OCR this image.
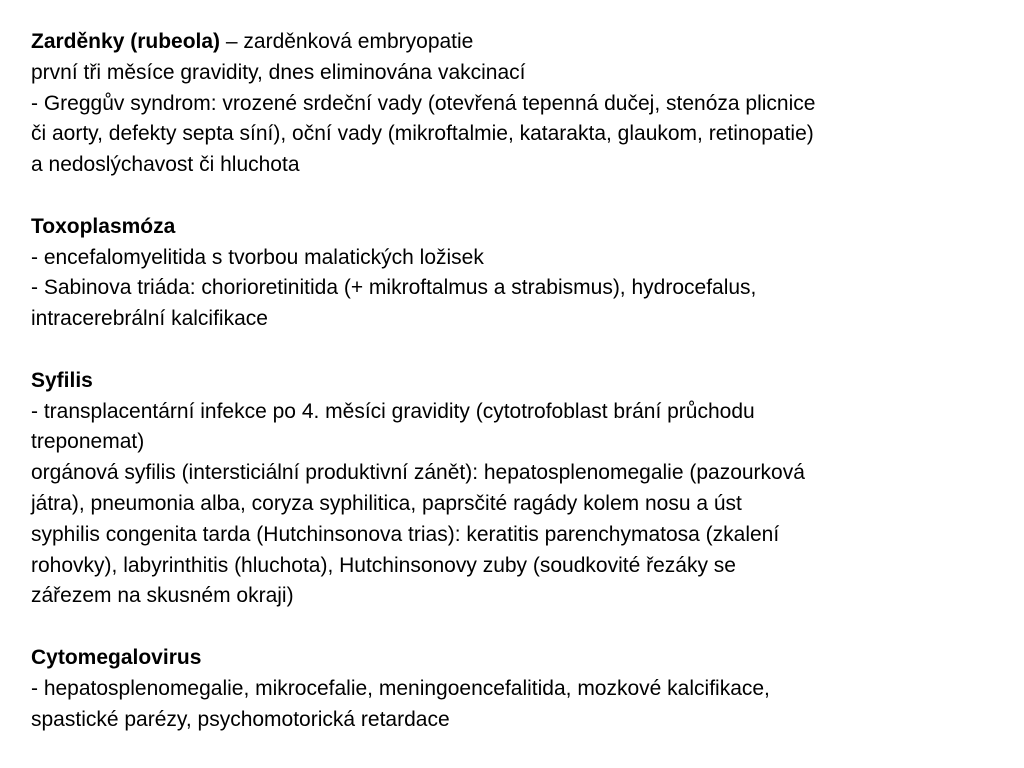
Zarděnky (rubeola) – zarděnková embryopatie
první tři měsíce gravidity, dnes eliminována vakcinací
- Greggův syndrom: vrozené srdeční vady (otevřená tepenná dučej, stenóza plicnice
či aorty, defekty septa síní), oční vady (mikroftalmie, katarakta, glaukom, retinopatie)
a nedoslýchavost či hluchota
Toxoplasmóza
- encefalomyelitida s tvorbou malatických ložisek
- Sabinova triáda: chorioretinitida (+ mikroftalmus a strabismus), hydrocefalus,
intracerebrální kalcifikace
Syfilis
- transplacentární infekce po 4. měsíci gravidity (cytotrofoblast brání průchodu
treponemat)
orgánová syfilis (intersticiální produktivní zánět): hepatosplenomegalie (pazourková
játra), pneumonia alba, coryza syphilitica, paprsčité ragády kolem nosu a úst
syphilis congenita tarda (Hutchinsonova trias): keratitis parenchymatosa (zkalení
rohovky), labyrinthitis (hluchota), Hutchinsonovy zuby (soudkovité řezáky se
zářezem na skusném okraji)
Cytomegalovirus
- hepatosplenomegalie, mikrocefalie, meningoencefalitida, mozkové kalcifikace,
spastické parézy, psychomotorická retardace
